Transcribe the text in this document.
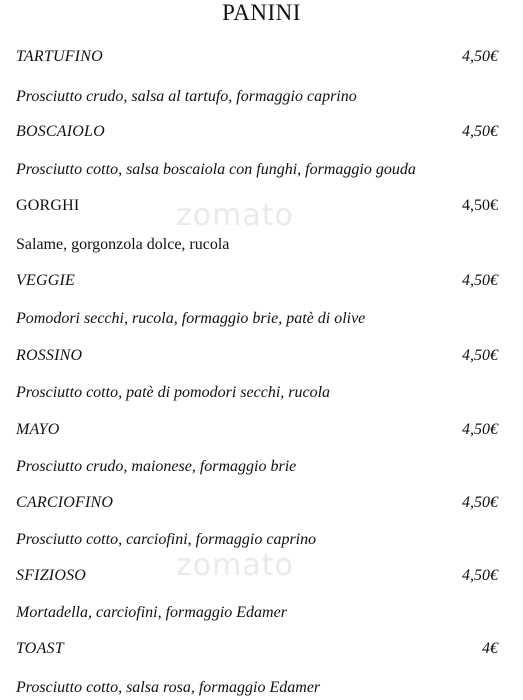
PANINI
zomato
zomato
TARTUFINO	4,50€
Prosciutto crudo, salsa al tartufo, formaggio caprino
BOSCAIOLO	4,50€
Prosciutto cotto, salsa boscaiola con funghi, formaggio gouda
GORGHI	4,50€
Salame, gorgonzola dolce, rucola
VEGGIE	4,50€
Pomodori secchi, rucola, formaggio brie, patè di olive
ROSSINO	4,50€
Prosciutto cotto, patè di pomodori secchi, rucola
MAYO	4,50€
Prosciutto crudo, maionese, formaggio brie
CARCIOFINO	4,50€
Prosciutto cotto, carciofini, formaggio caprino
SFIZIOSO	4,50€
Mortadella, carciofini, formaggio Edamer
TOAST	4€
Prosciutto cotto, salsa rosa, formaggio Edamer
